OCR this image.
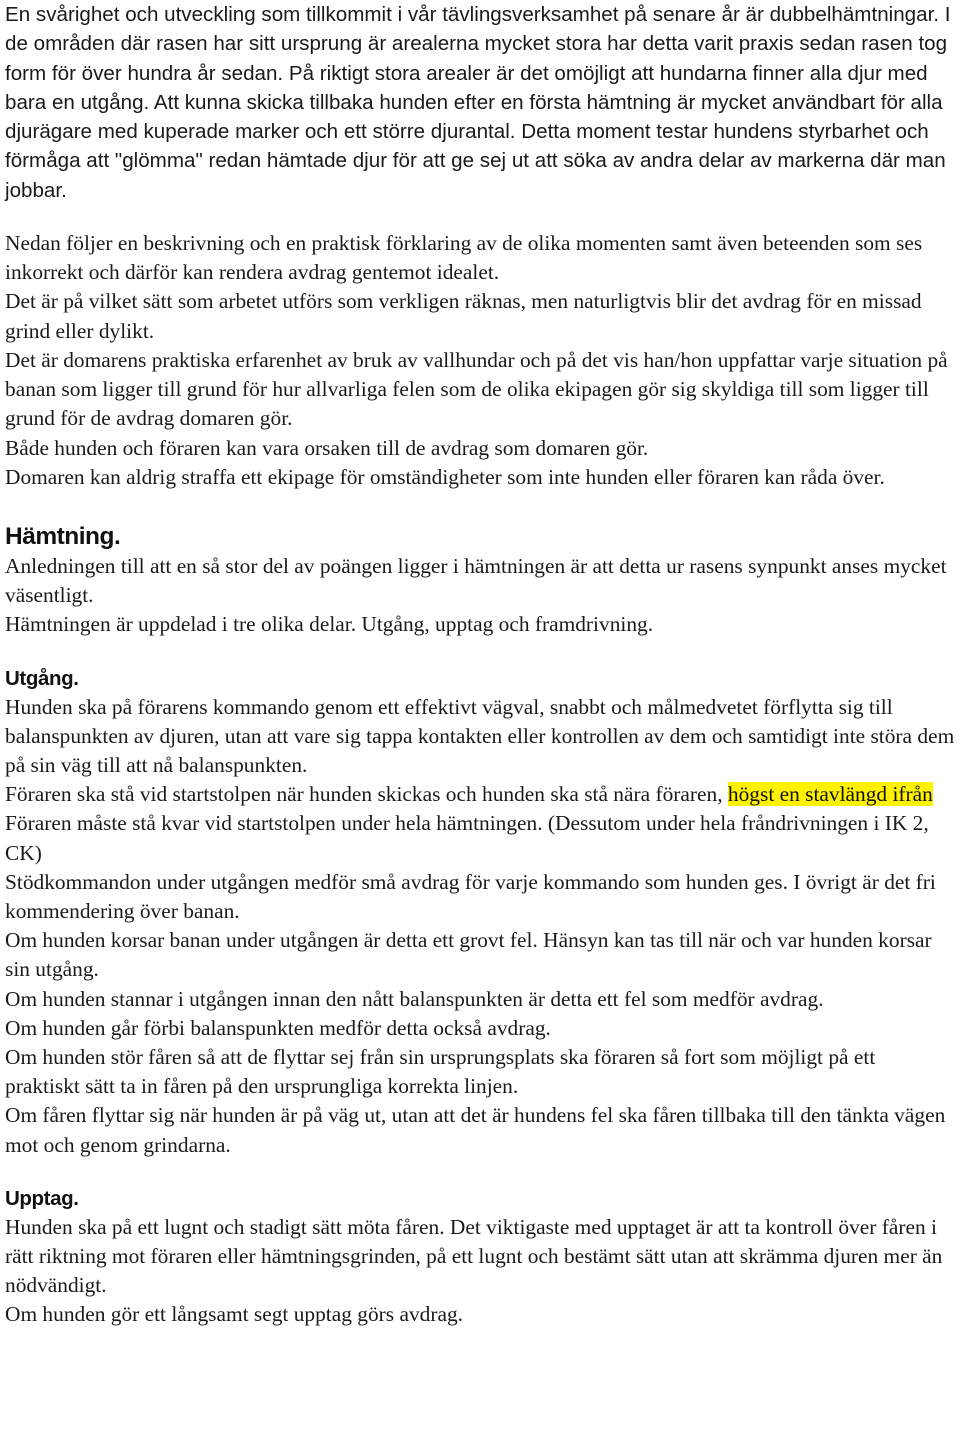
En svårighet och utveckling som tillkommit i vår tävlingsverksamhet på senare år är dubbelhämtningar. I de områden där rasen har sitt ursprung är arealerna mycket stora har detta varit praxis sedan rasen tog form för över hundra år sedan. På riktigt stora arealer är det omöjligt att hundarna finner alla djur med bara en utgång. Att kunna skicka tillbaka hunden efter en första hämtning är mycket användbart för alla djurägare med kuperade marker och ett större djurantal. Detta moment testar hundens styrbarhet och förmåga att "glömma" redan hämtade djur för att ge sej ut att söka av andra delar av markerna där man jobbar.

Nedan följer en beskrivning och en praktisk förklaring av de olika momenten samt även beteenden som ses inkorrekt och därför kan rendera avdrag gentemot idealet.

Det är på vilket sätt som arbetet utförs som verkligen räknas, men naturligtvis blir det avdrag för en missad grind eller dylikt.

Det är domarens praktiska erfarenhet av bruk av vallhundar och på det vis han/hon uppfattar varje situation på banan som ligger till grund för hur allvarliga felen som de olika ekipagen gör sig skyldiga till som ligger till grund för de avdrag domaren gör.

Både hunden och föraren kan vara orsaken till de avdrag som domaren gör.

Domaren kan aldrig straffa ett ekipage för omständigheter som inte hunden eller föraren kan råda över.

Hämtning.

Anledningen till att en så stor del av poängen ligger i hämtningen är att detta ur rasens synpunkt anses mycket väsentligt.

Hämtningen är uppdelad i tre olika delar. Utgång, upptag och framdrivning.

Utgång.

Hunden ska på förarens kommando genom ett effektivt vägval, snabbt och målmedvetet förflytta sig till balanspunkten av djuren, utan att vare sig tappa kontakten eller kontrollen av dem och samtidigt inte störa dem på sin väg till att nå balanspunkten.

Föraren ska stå vid startstolpen när hunden skickas och hunden ska stå nära föraren, högst en stavlängd ifrån

Föraren måste stå kvar vid startstolpen under hela hämtningen. (Dessutom under hela fråndrivningen i IK 2, CK)

Stödkommandon under utgången medför små avdrag för varje kommando som hunden ges. I övrigt är det fri kommendering över banan.

Om hunden korsar banan under utgången är detta ett grovt fel. Hänsyn kan tas till när och var hunden korsar sin utgång.

Om hunden stannar i utgången innan den nått balanspunkten är detta ett fel som medför avdrag.

Om hunden går förbi balanspunkten medför detta också avdrag.

Om hunden stör fåren så att de flyttar sej från sin ursprungsplats ska föraren så fort som möjligt på ett praktiskt sätt ta in fåren på den ursprungliga korrekta linjen.

Om fåren flyttar sig när hunden är på väg ut, utan att det är hundens fel ska fåren tillbaka till den tänkta vägen mot och genom grindarna.

Upptag.

Hunden ska på ett lugnt och stadigt sätt möta fåren. Det viktigaste med upptaget är att ta kontroll över fåren i rätt riktning mot föraren eller hämtningsgrinden, på ett lugnt och bestämt sätt utan att skrämma djuren mer än nödvändigt.

Om hunden gör ett långsamt segt upptag görs avdrag.
